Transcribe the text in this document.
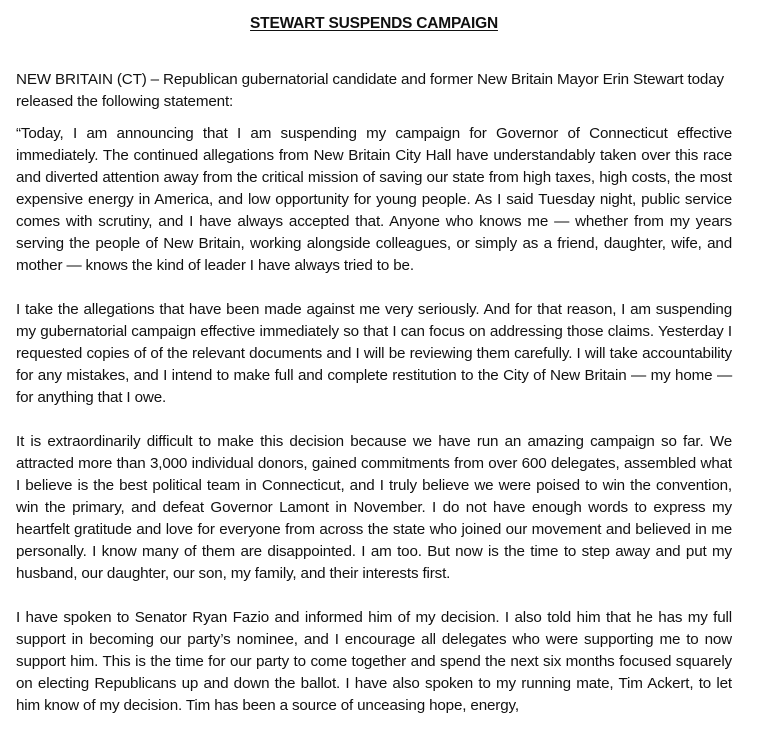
STEWART SUSPENDS CAMPAIGN

NEW BRITAIN (CT) – Republican gubernatorial candidate and former New Britain Mayor Erin Stewart today released the following statement:

“Today, I am announcing that I am suspending my campaign for Governor of Connecticut effective immediately. The continued allegations from New Britain City Hall have understandably taken over this race and diverted attention away from the critical mission of saving our state from high taxes, high costs, the most expensive energy in America, and low opportunity for young people. As I said Tuesday night, public service comes with scrutiny, and I have always accepted that. Anyone who knows me — whether from my years serving the people of New Britain, working alongside colleagues, or simply as a friend, daughter, wife, and mother — knows the kind of leader I have always tried to be.

I take the allegations that have been made against me very seriously. And for that reason, I am suspending my gubernatorial campaign effective immediately so that I can focus on addressing those claims. Yesterday I requested copies of of the relevant documents and I will be reviewing them carefully. I will take accountability for any mistakes, and I intend to make full and complete restitution to the City of New Britain — my home — for anything that I owe.

It is extraordinarily difficult to make this decision because we have run an amazing campaign so far. We attracted more than 3,000 individual donors, gained commitments from over 600 delegates, assembled what I believe is the best political team in Connecticut, and I truly believe we were poised to win the convention, win the primary, and defeat Governor Lamont in November. I do not have enough words to express my heartfelt gratitude and love for everyone from across the state who joined our movement and believed in me personally. I know many of them are disappointed. I am too. But now is the time to step away and put my husband, our daughter, our son, my family, and their interests first.

I have spoken to Senator Ryan Fazio and informed him of my decision. I also told him that he has my full support in becoming our party’s nominee, and I encourage all delegates who were supporting me to now support him. This is the time for our party to come together and spend the next six months focused squarely on electing Republicans up and down the ballot. I have also spoken to my running mate, Tim Ackert, to let him know of my decision. Tim has been a source of unceasing hope, energy,
